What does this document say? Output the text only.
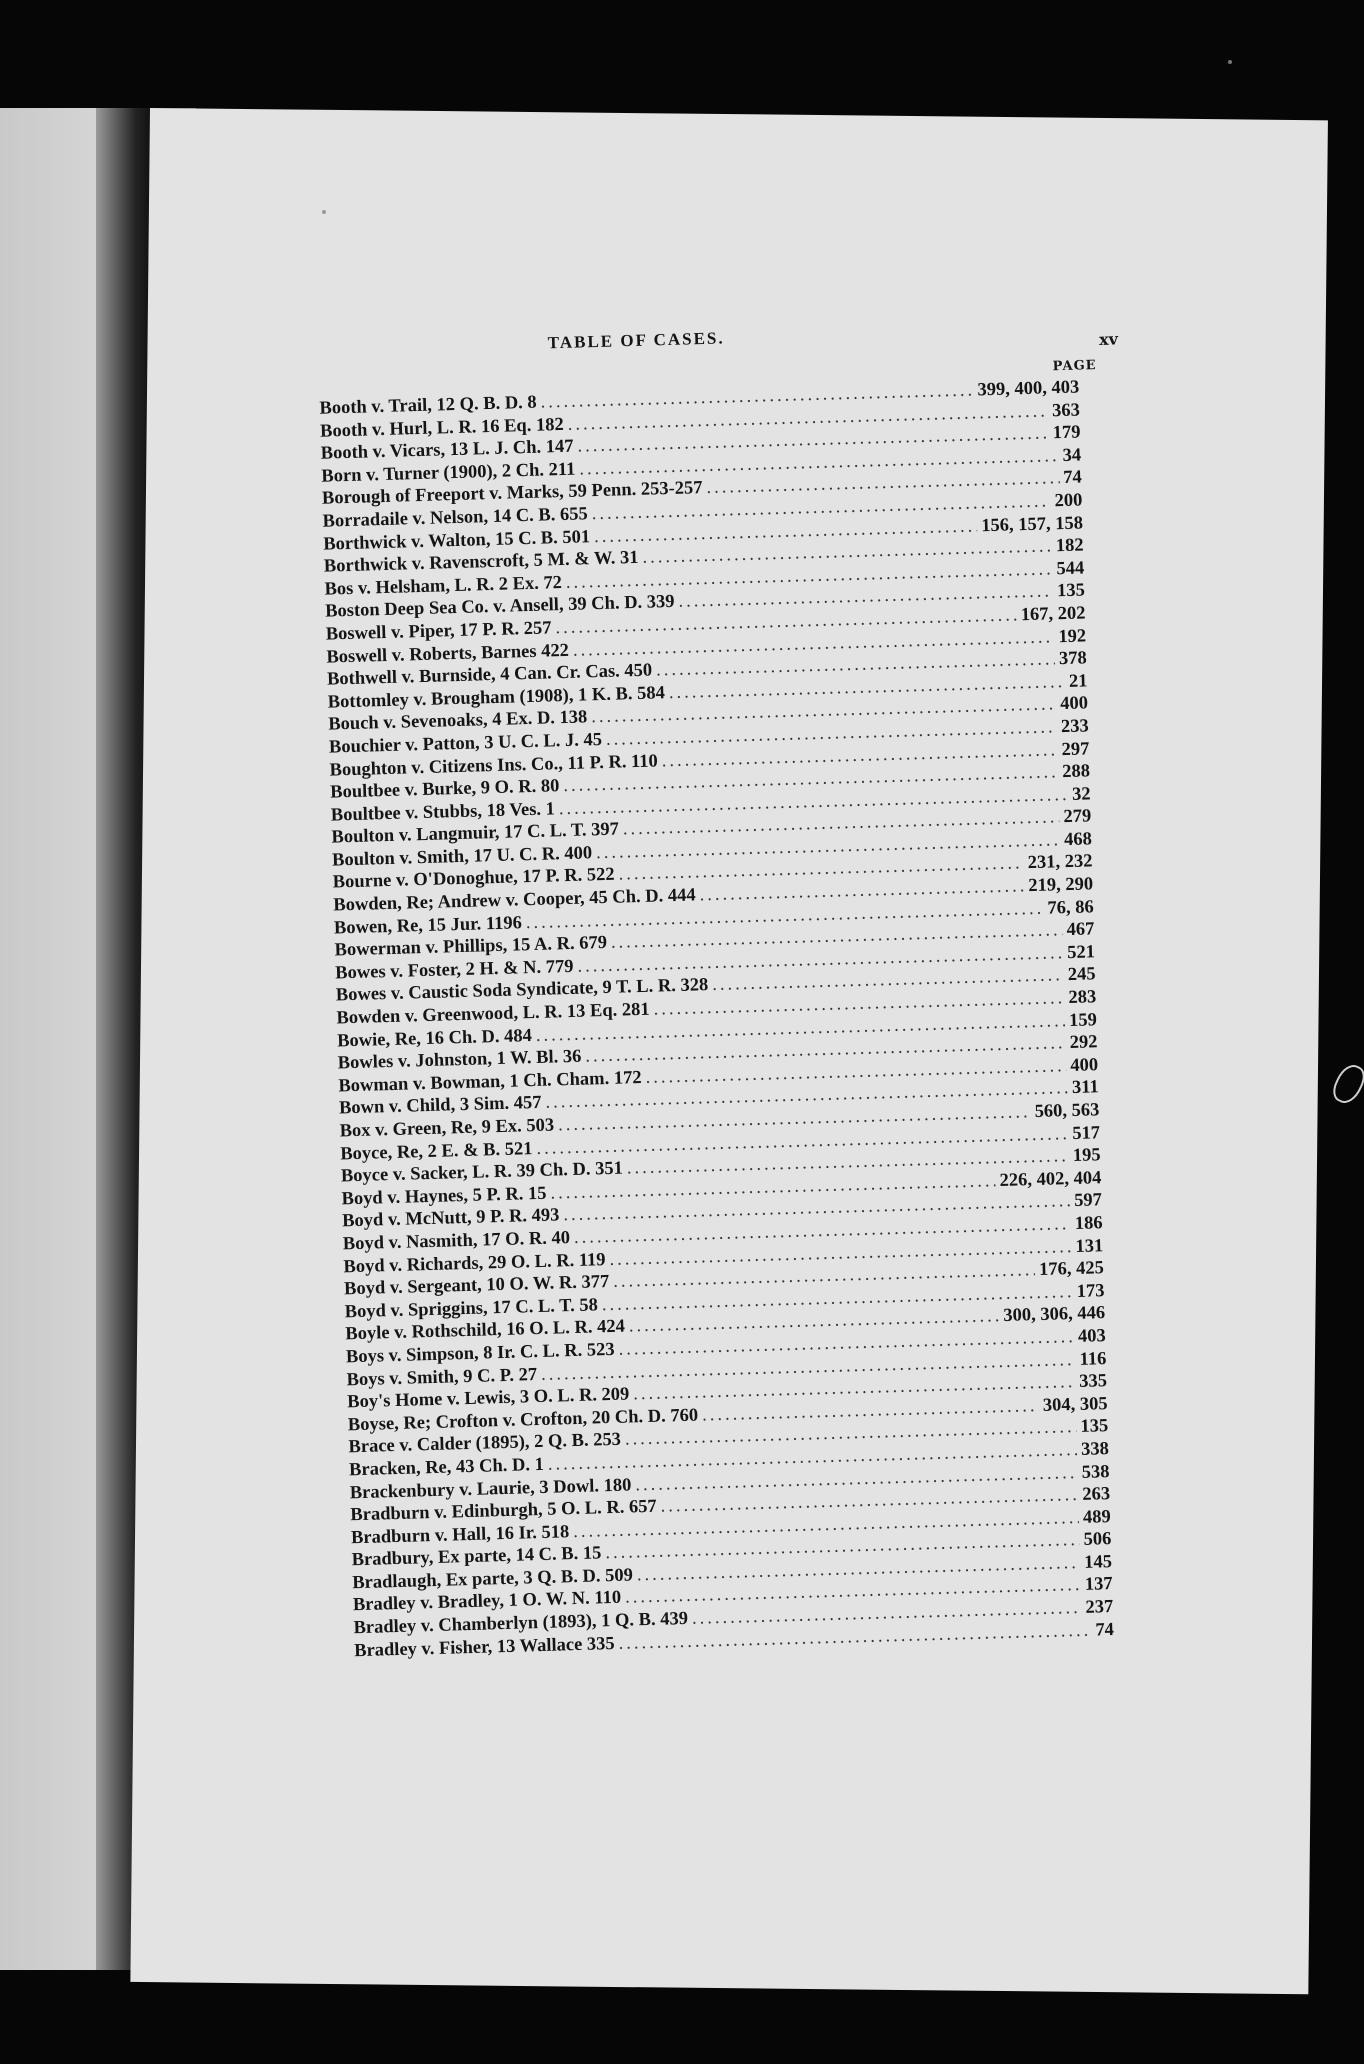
TABLE OF CASES.	xv
PAGE
Booth v. Trail, 12 Q. B. D. 8
.....
399, 400, 403
Booth v. Hurl, L. R. 16 Eq. 182
.....
363
Booth v. Vicars, 13 L. J. Ch. 147
.....
179
Born v. Turner (1900), 2 Ch. 211
.....
34
Borough of Freeport v. Marks, 59 Penn. 253-257
.....
74
Borradaile v. Nelson, 14 C. B. 655
.....
200
Borthwick v. Walton, 15 C. B. 501
.....
156, 157, 158
Borthwick v. Ravenscroft, 5 M. & W. 31
.....
182
Bos v. Helsham, L. R. 2 Ex. 72
.....
544
Boston Deep Sea Co. v. Ansell, 39 Ch. D. 339
.....
135
Boswell v. Piper, 17 P. R. 257
.....
167, 202
Boswell v. Roberts, Barnes 422
.....
192
Bothwell v. Burnside, 4 Can. Cr. Cas. 450
.....
378
Bottomley v. Brougham (1908), 1 K. B. 584
.....
21
Bouch v. Sevenoaks, 4 Ex. D. 138
.....
400
Bouchier v. Patton, 3 U. C. L. J. 45
.....
233
Boughton v. Citizens Ins. Co., 11 P. R. 110
.....
297
Boultbee v. Burke, 9 O. R. 80
.....
288
Boultbee v. Stubbs, 18 Ves. 1
.....
32
Boulton v. Langmuir, 17 C. L. T. 397
.....
279
Boulton v. Smith, 17 U. C. R. 400
.....
468
Bourne v. O'Donoghue, 17 P. R. 522
.....
231, 232
Bowden, Re; Andrew v. Cooper, 45 Ch. D. 444
.....
219, 290
Bowen, Re, 15 Jur. 1196
.....
76, 86
Bowerman v. Phillips, 15 A. R. 679
.....
467
Bowes v. Foster, 2 H. & N. 779
.....
521
Bowes v. Caustic Soda Syndicate, 9 T. L. R. 328
.....
245
Bowden v. Greenwood, L. R. 13 Eq. 281
.....
283
Bowie, Re, 16 Ch. D. 484
.....
159
Bowles v. Johnston, 1 W. Bl. 36
.....
292
Bowman v. Bowman, 1 Ch. Cham. 172
.....
400
Bown v. Child, 3 Sim. 457
.....
311
Box v. Green, Re, 9 Ex. 503
.....
560, 563
Boyce, Re, 2 E. & B. 521
.....
517
Boyce v. Sacker, L. R. 39 Ch. D. 351
.....
195
Boyd v. Haynes, 5 P. R. 15
.....
226, 402, 404
Boyd v. McNutt, 9 P. R. 493
.....
597
Boyd v. Nasmith, 17 O. R. 40
.....
186
Boyd v. Richards, 29 O. L. R. 119
.....
131
Boyd v. Sergeant, 10 O. W. R. 377
.....
176, 425
Boyd v. Spriggins, 17 C. L. T. 58
.....
173
Boyle v. Rothschild, 16 O. L. R. 424
.....
300, 306, 446
Boys v. Simpson, 8 Ir. C. L. R. 523
.....
403
Boys v. Smith, 9 C. P. 27
.....
116
Boy's Home v. Lewis, 3 O. L. R. 209
.....
335
Boyse, Re; Crofton v. Crofton, 20 Ch. D. 760
.....
304, 305
Brace v. Calder (1895), 2 Q. B. 253
.....
135
Bracken, Re, 43 Ch. D. 1
.....
338
Brackenbury v. Laurie, 3 Dowl. 180
.....
538
Bradburn v. Edinburgh, 5 O. L. R. 657
.....
263
Bradburn v. Hall, 16 Ir. 518
.....
489
Bradbury, Ex parte, 14 C. B. 15
.....
506
Bradlaugh, Ex parte, 3 Q. B. D. 509
.....
145
Bradley v. Bradley, 1 O. W. N. 110
.....
137
Bradley v. Chamberlyn (1893), 1 Q. B. 439
.....
237
Bradley v. Fisher, 13 Wallace 335
.....
74
